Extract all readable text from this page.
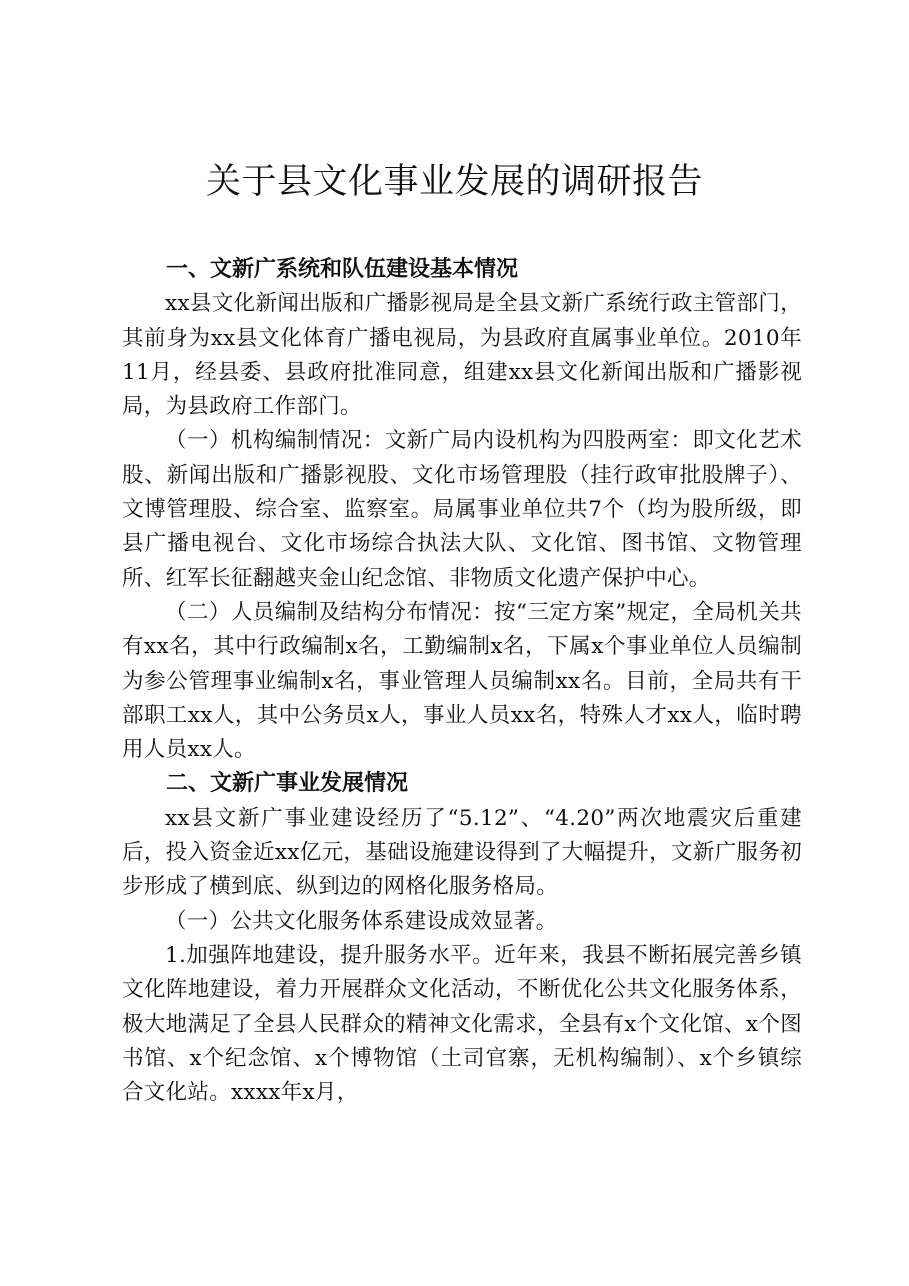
关于县文化事业发展的调研报告
一、文新广系统和队伍建设基本情况

xx县文化新闻出版和广播影视局是全县文新广系统行政主管部门，其前身为xx县文化体育广播电视局，为县政府直属事业单位。2010年11月，经县委、县政府批准同意，组建xx县文化新闻出版和广播影视局，为县政府工作部门。

（一）机构编制情况：文新广局内设机构为四股两室：即文化艺术股、新闻出版和广播影视股、文化市场管理股（挂行政审批股牌子）、文博管理股、综合室、监察室。局属事业单位共7个（均为股所级，即县广播电视台、文化市场综合执法大队、文化馆、图书馆、文物管理所、红军长征翻越夹金山纪念馆、非物质文化遗产保护中心。

（二）人员编制及结构分布情况：按“三定方案”规定，全局机关共有xx名，其中行政编制x名，工勤编制x名，下属x个事业单位人员编制为参公管理事业编制x名，事业管理人员编制xx名。目前，全局共有干部职工xx人，其中公务员x人，事业人员xx名，特殊人才xx人，临时聘用人员xx人。

二、文新广事业发展情况

xx县文新广事业建设经历了“5.12”、“4.20”两次地震灾后重建后，投入资金近xx亿元，基础设施建设得到了大幅提升，文新广服务初步形成了横到底、纵到边的网格化服务格局。

（一）公共文化服务体系建设成效显著。

1.加强阵地建设，提升服务水平。近年来，我县不断拓展完善乡镇文化阵地建设，着力开展群众文化活动，不断优化公共文化服务体系，极大地满足了全县人民群众的精神文化需求，全县有x个文化馆、x个图书馆、x个纪念馆、x个博物馆（土司官寨，无机构编制）、x个乡镇综合文化站。xxxx年x月，
